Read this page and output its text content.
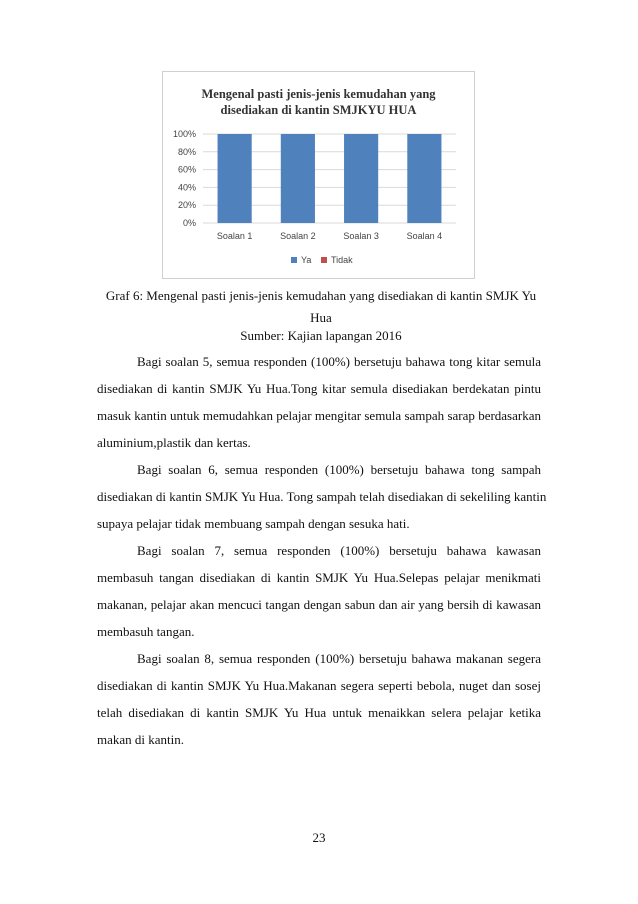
Mengenal pasti jenis-jenis kemudahan yang
disediakan di kantin SMJKYU HUA
0%
20%
40%
60%
80%
100%
Soalan 1	Soalan 2	Soalan 3	Soalan 4
Ya Tidak
Graf 6: Mengenal pasti jenis-jenis kemudahan yang disediakan di kantin SMJK Yu
Hua
Sumber: Kajian lapangan 2016
Bagi soalan 5, semua responden (100%) bersetuju bahawa tong kitar semula
disediakan di kantin SMJK Yu Hua.Tong kitar semula disediakan berdekatan pintu
masuk kantin untuk memudahkan pelajar mengitar semula sampah sarap berdasarkan
aluminium,plastik dan kertas.
Bagi soalan 6, semua responden (100%) bersetuju bahawa tong sampah
disediakan di kantin SMJK Yu Hua. Tong sampah telah disediakan di sekeliling kantin
supaya pelajar tidak membuang sampah dengan sesuka hati.
Bagi soalan 7, semua responden (100%) bersetuju bahawa kawasan
membasuh tangan disediakan di kantin SMJK Yu Hua.Selepas pelajar menikmati
makanan, pelajar akan mencuci tangan dengan sabun dan air yang bersih di kawasan
membasuh tangan.
Bagi soalan 8, semua responden (100%) bersetuju bahawa makanan segera
disediakan di kantin SMJK Yu Hua.Makanan segera seperti bebola, nuget dan sosej
telah disediakan di kantin SMJK Yu Hua untuk menaikkan selera pelajar ketika
makan di kantin.
23
